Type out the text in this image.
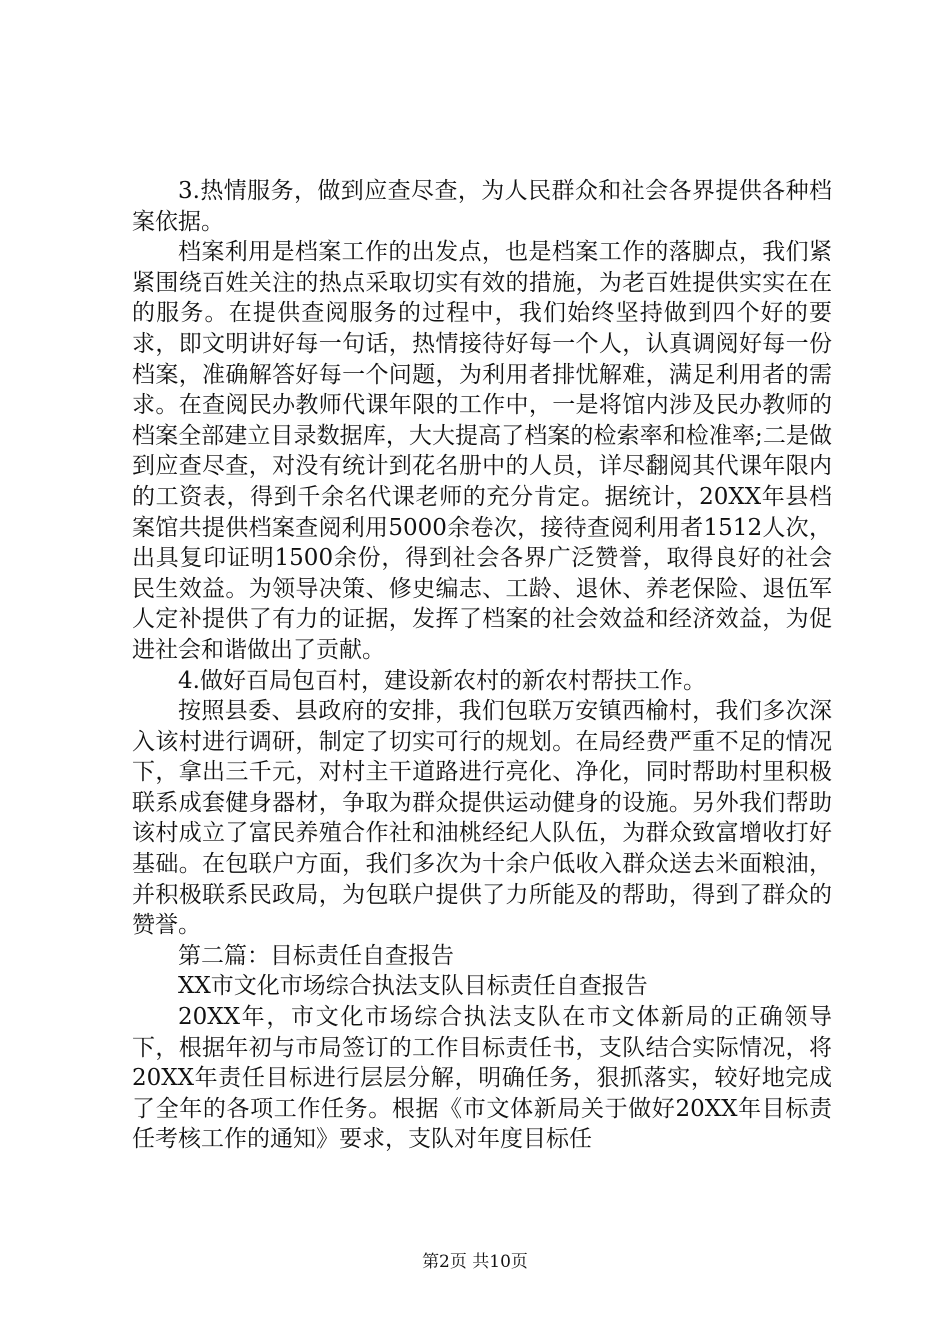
3.热情服务，做到应查尽查，为人民群众和社会各界提供各种档案依据。

档案利用是档案工作的出发点，也是档案工作的落脚点，我们紧紧围绕百姓关注的热点采取切实有效的措施，为老百姓提供实实在在的服务。在提供查阅服务的过程中，我们始终坚持做到四个好的要求，即文明讲好每一句话，热情接待好每一个人，认真调阅好每一份档案，准确解答好每一个问题，为利用者排忧解难，满足利用者的需求。在查阅民办教师代课年限的工作中，一是将馆内涉及民办教师的档案全部建立目录数据库，大大提高了档案的检索率和检准率;二是做到应查尽查，对没有统计到花名册中的人员，详尽翻阅其代课年限内的工资表，得到千余名代课老师的充分肯定。据统计，20XX年县档案馆共提供档案查阅利用5000余卷次，接待查阅利用者1512人次，出具复印证明1500余份，得到社会各界广泛赞誉，取得良好的社会民生效益。为领导决策、修史编志、工龄、退休、养老保险、退伍军人定补提供了有力的证据，发挥了档案的社会效益和经济效益，为促进社会和谐做出了贡献。

4.做好百局包百村，建设新农村的新农村帮扶工作。

按照县委、县政府的安排，我们包联万安镇西榆村，我们多次深入该村进行调研，制定了切实可行的规划。在局经费严重不足的情况下，拿出三千元，对村主干道路进行亮化、净化，同时帮助村里积极联系成套健身器材，争取为群众提供运动健身的设施。另外我们帮助该村成立了富民养殖合作社和油桃经纪人队伍，为群众致富增收打好基础。在包联户方面，我们多次为十余户低收入群众送去米面粮油，并积极联系民政局，为包联户提供了力所能及的帮助，得到了群众的赞誉。

第二篇：目标责任自查报告

XX市文化市场综合执法支队目标责任自查报告

20XX年，市文化市场综合执法支队在市文体新局的正确领导下，根据年初与市局签订的工作目标责任书，支队结合实际情况，将20XX年责任目标进行层层分解，明确任务，狠抓落实，较好地完成了全年的各项工作任务。根据《市文体新局关于做好20XX年目标责任考核工作的通知》要求，支队对年度目标任

第2页 共10页
